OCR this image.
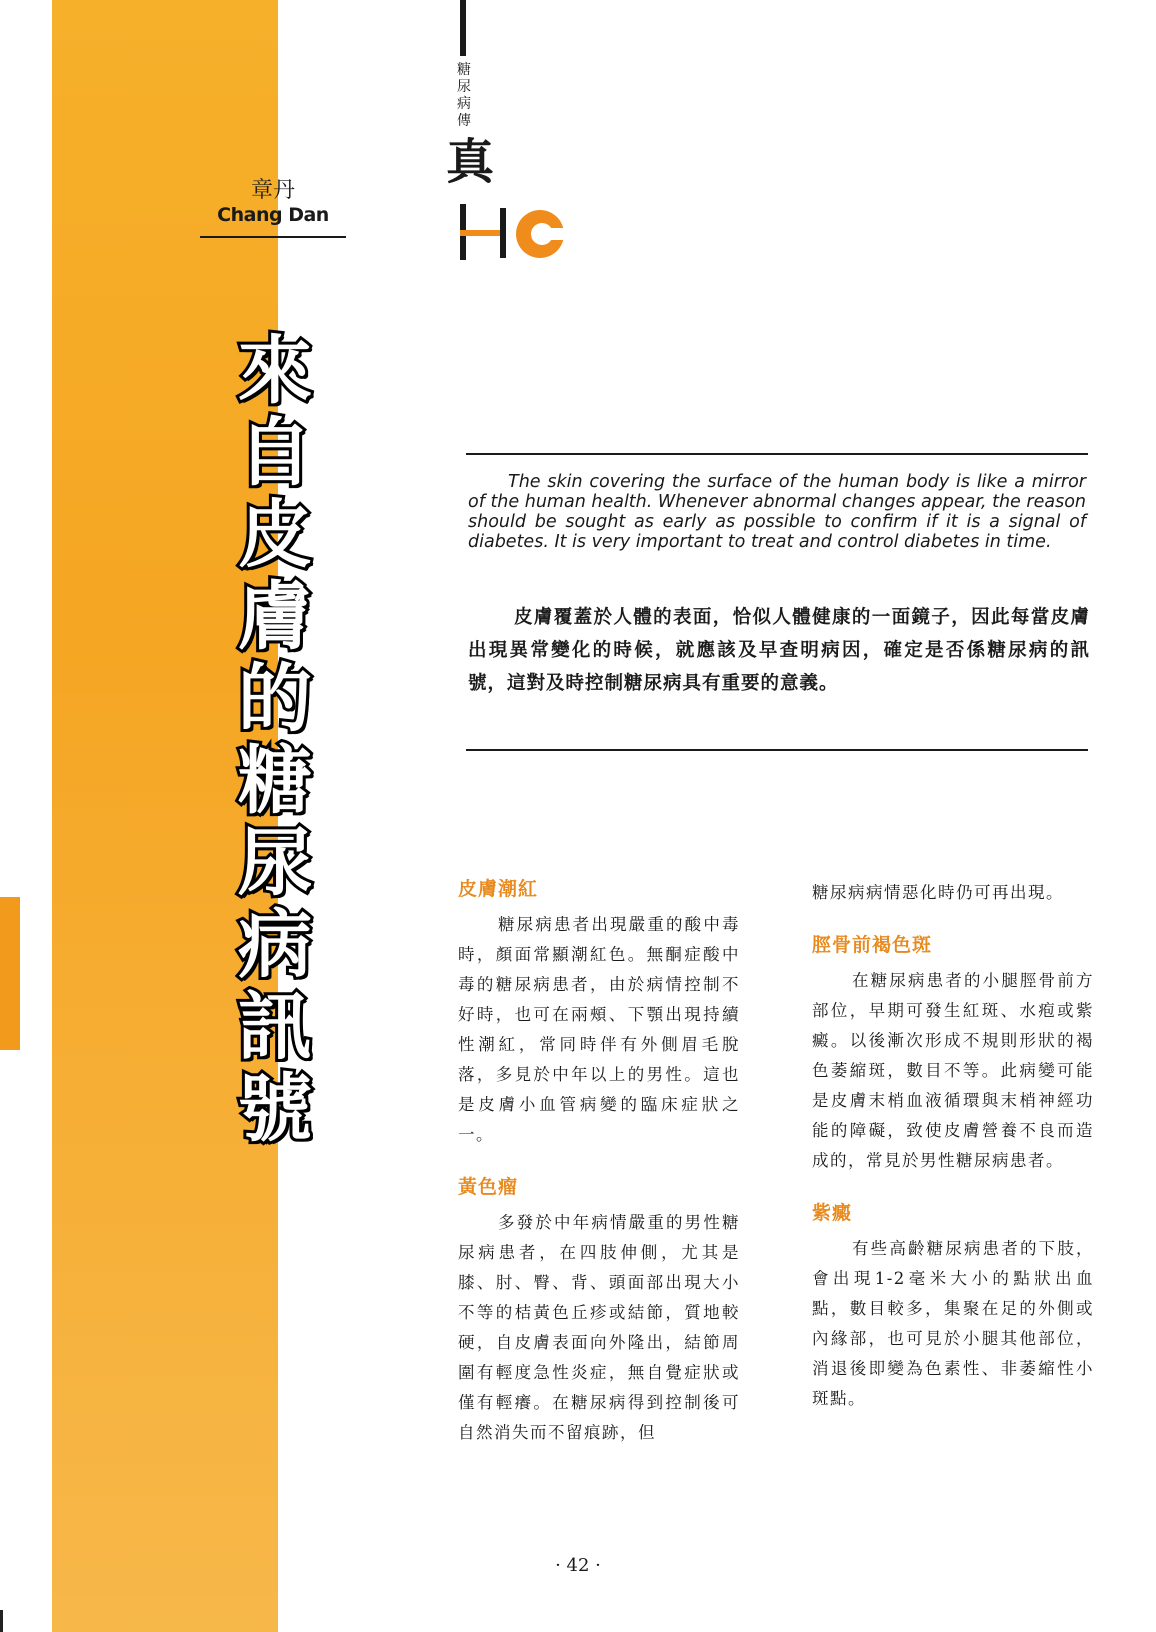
糖
尿
病
傳
真
章丹
Chang Dan
來
自
皮
膚
的
糖
尿
病
訊
號

The skin covering the surface of the human body is like a mirror of the human health. Whenever abnormal changes appear, the reason should be sought as early as possible to confirm if it is a signal of diabetes. It is very important to treat and control diabetes in time.

皮膚覆蓋於人體的表面，恰似人體健康的一面鏡子，因此每當皮膚出現異常變化的時候，就應該及早查明病因，確定是否係糖尿病的訊號，這對及時控制糖尿病具有重要的意義。

皮膚潮紅

糖尿病患者出現嚴重的酸中毒時，顏面常顯潮紅色。無酮症酸中毒的糖尿病患者，由於病情控制不好時，也可在兩頰、下顎出現持續性潮紅，常同時伴有外側眉毛脫落，多見於中年以上的男性。這也是皮膚小血管病變的臨床症狀之一。

黃色瘤

多發於中年病情嚴重的男性糖尿病患者，在四肢伸側，尤其是膝、肘、臀、背、頭面部出現大小不等的桔黃色丘疹或結節，質地較硬，自皮膚表面向外隆出，結節周圍有輕度急性炎症，無自覺症狀或僅有輕癢。在糖尿病得到控制後可自然消失而不留痕跡，但

糖尿病病情惡化時仍可再出現。

脛骨前褐色斑

在糖尿病患者的小腿脛骨前方部位，早期可發生紅斑、水疱或紫癜。以後漸次形成不規則形狀的褐色萎縮斑，數目不等。此病變可能是皮膚末梢血液循環與末梢神經功能的障礙，致使皮膚營養不良而造成的，常見於男性糖尿病患者。

紫癜

有些高齡糖尿病患者的下肢，會出現1-2毫米大小的點狀出血點，數目較多，集聚在足的外側或內緣部，也可見於小腿其他部位，消退後即變為色素性、非萎縮性小斑點。

· 42 ·
